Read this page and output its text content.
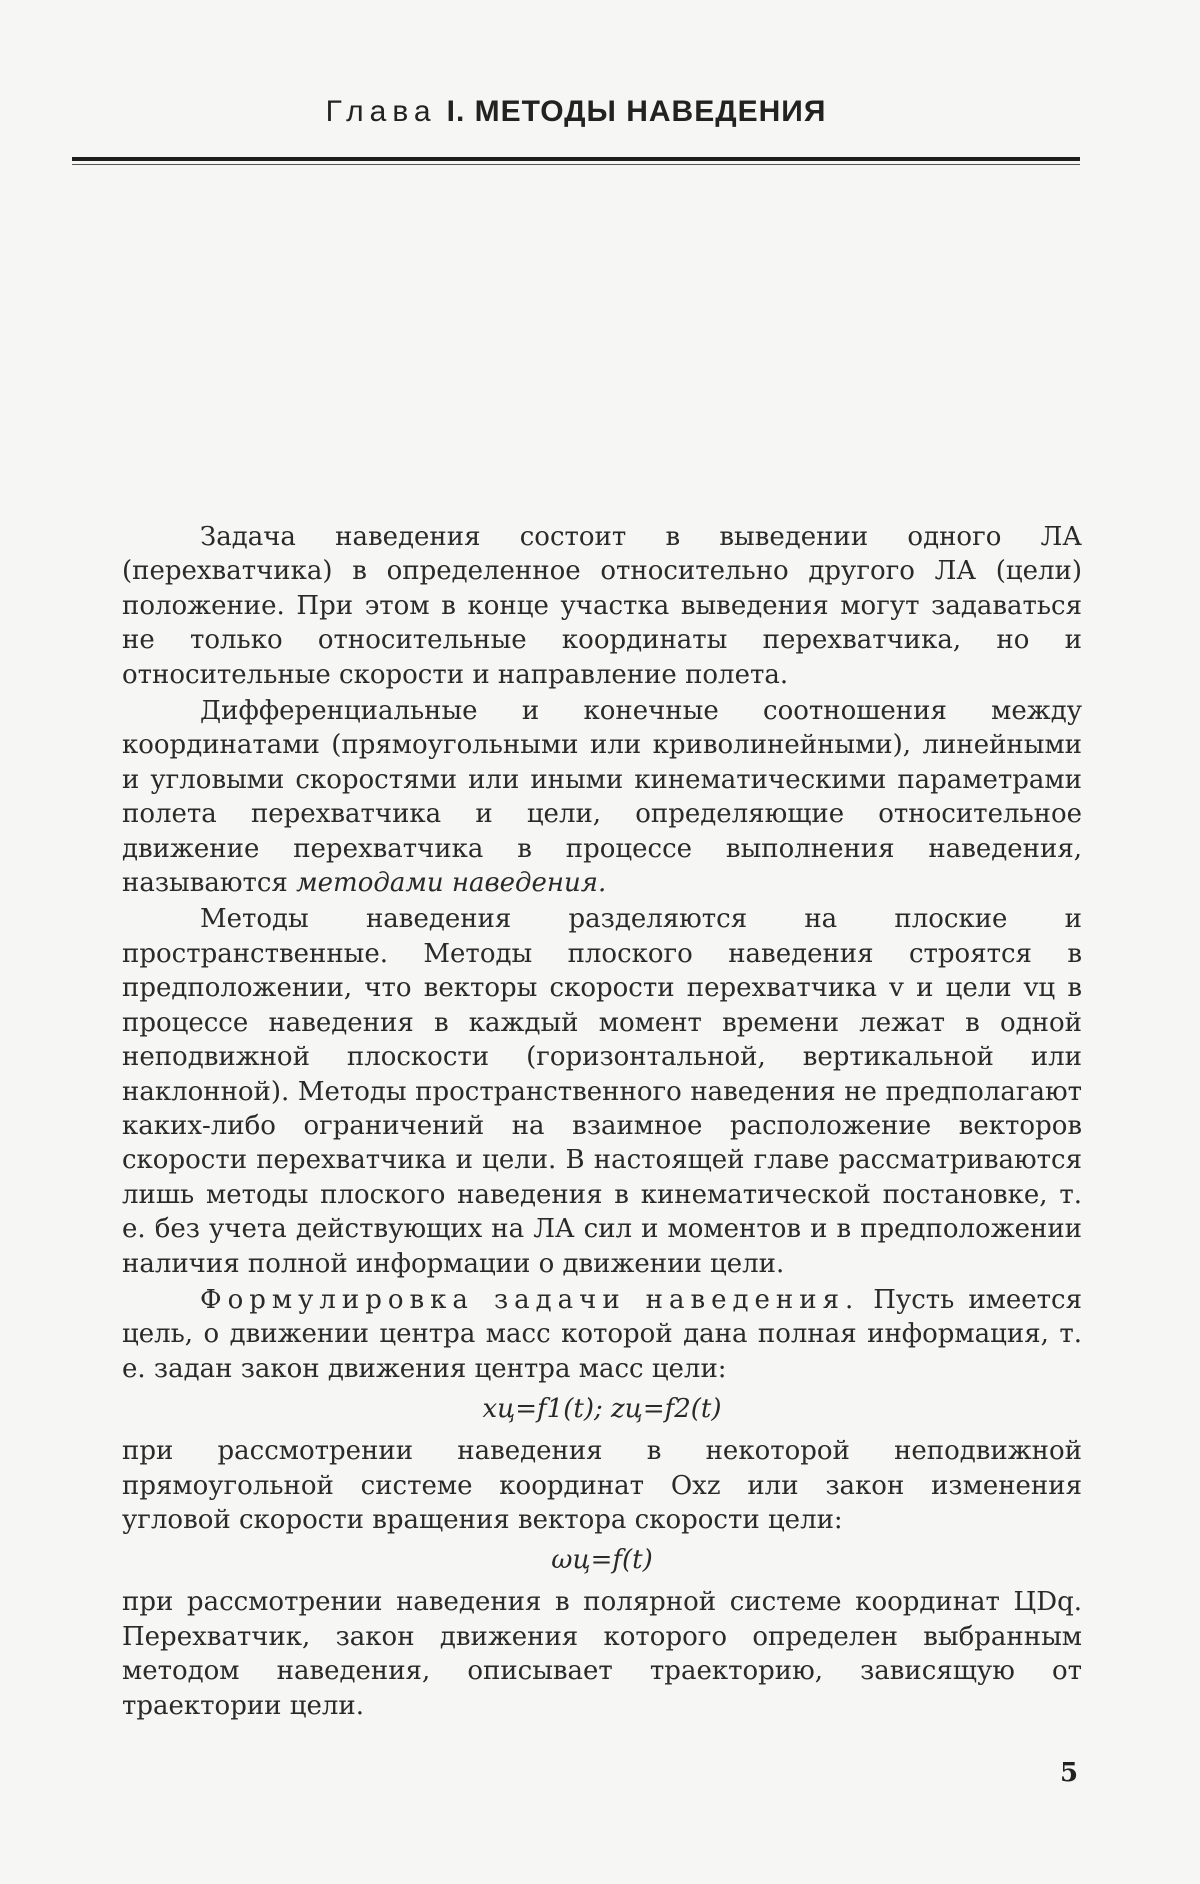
Глава I. МЕТОДЫ НАВЕДЕНИЯ

Задача наведения состоит в выведении одного ЛА (перехватчика) в определенное относительно другого ЛА (цели) положение. При этом в конце участка выведения могут задаваться не только относительные координаты перехватчика, но и относительные скорости и направление полета.

Дифференциальные и конечные соотношения между координатами (прямоугольными или криволинейными), линейными и угловыми скоростями или иными кинематическими параметрами полета перехватчика и цели, определяющие относительное движение перехватчика в процессе выполнения наведения, называются методами наведения.

Методы наведения разделяются на плоские и пространственные. Методы плоского наведения строятся в предположении, что векторы скорости перехватчика v и цели vц в процессе наведения в каждый момент времени лежат в одной неподвижной плоскости (горизонтальной, вертикальной или наклонной). Методы пространственного наведения не предполагают каких-либо ограничений на взаимное расположение векторов скорости перехватчика и цели. В настоящей главе рассматриваются лишь методы плоского наведения в кинематической постановке, т. е. без учета действующих на ЛА сил и моментов и в предположении наличия полной информации о движении цели.

Формулировка задачи наведения. Пусть имеется цель, о движении центра масс которой дана полная информация, т. е. задан закон движения центра масс цели:

xц=f1(t); zц=f2(t)

при рассмотрении наведения в некоторой неподвижной прямоугольной системе координат Oxz или закон изменения угловой скорости вращения вектора скорости цели:

ωц=f(t)

при рассмотрении наведения в полярной системе координат ЦDq. Перехватчик, закон движения которого определен выбранным методом наведения, описывает траекторию, зависящую от траектории цели.

5
